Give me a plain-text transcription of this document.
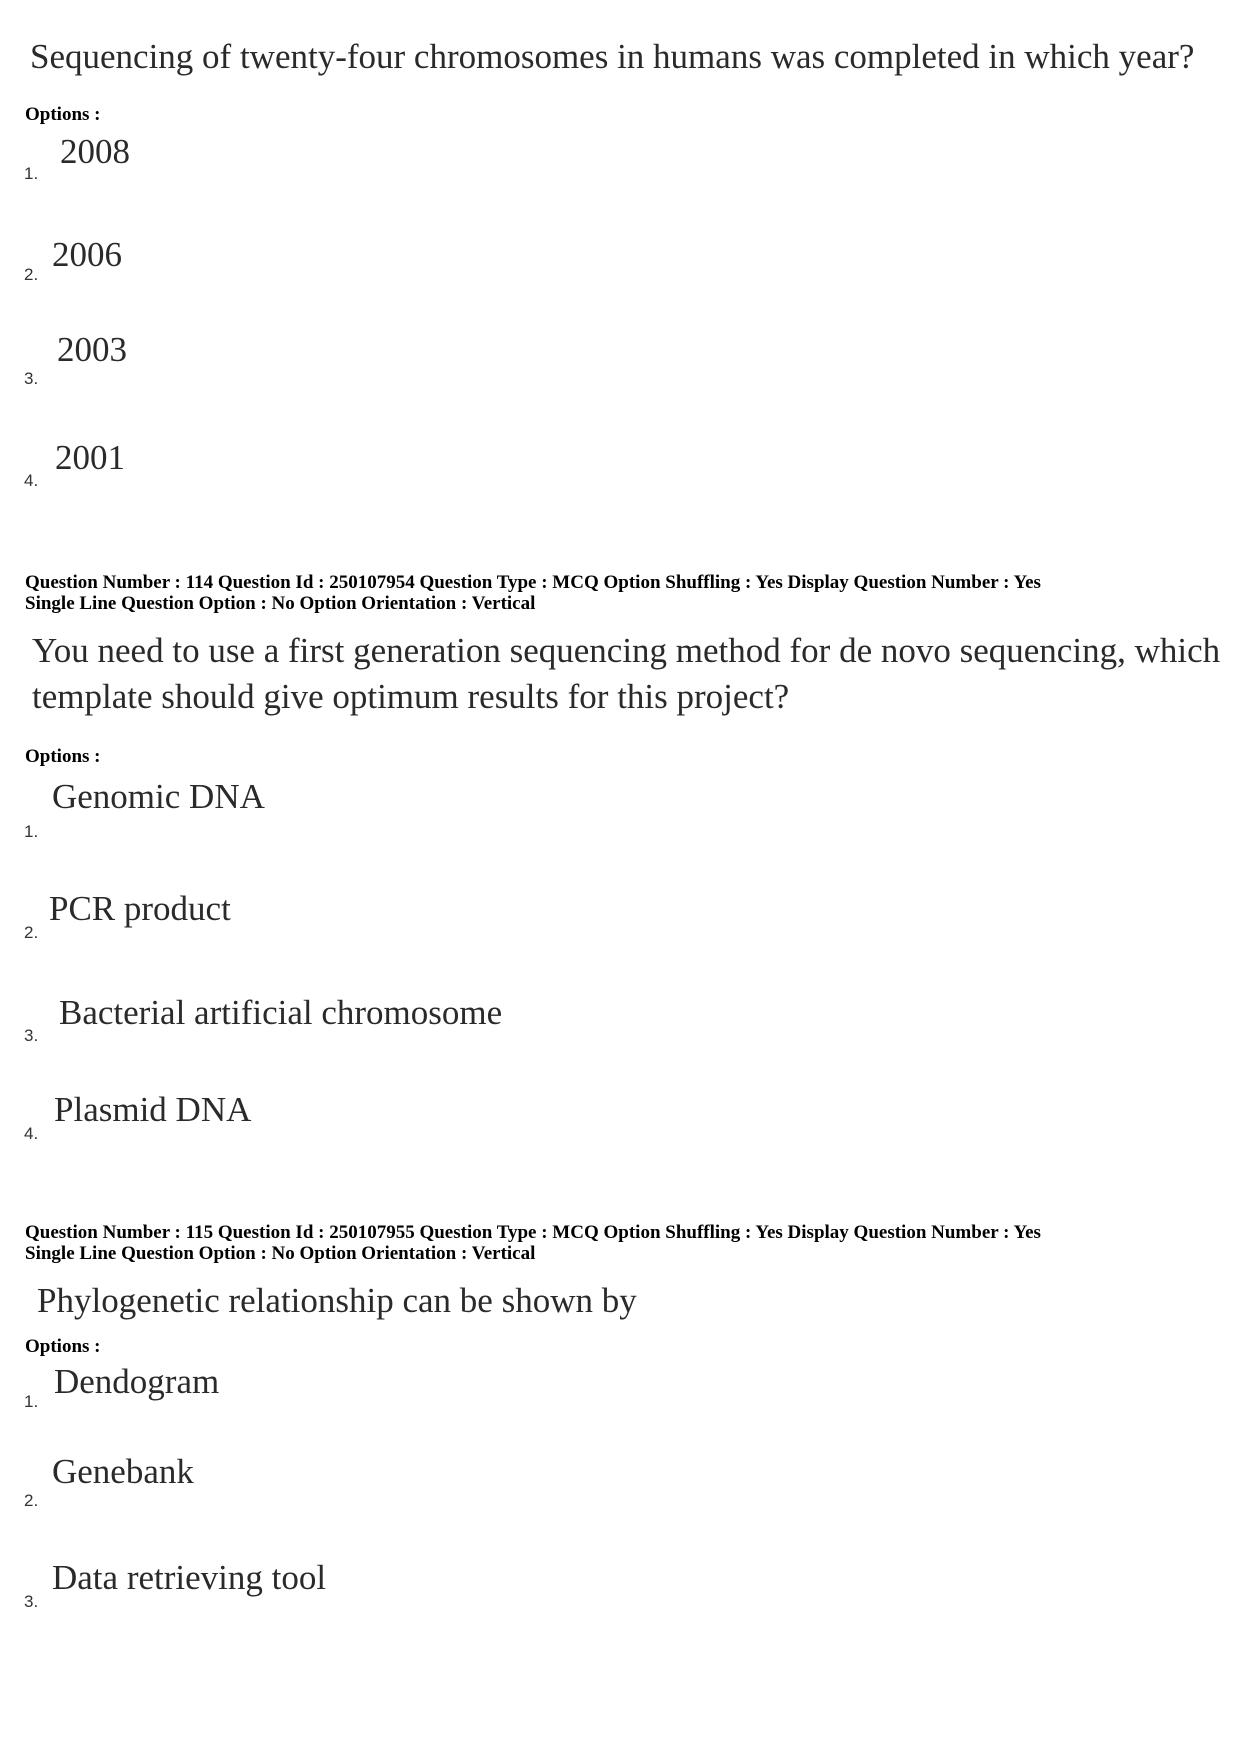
Sequencing of twenty-four chromosomes in humans was completed in which year?
Options :
1.
2008
2.
2006
3.
2003
4.
2001
Question Number : 114 Question Id : 250107954 Question Type : MCQ Option Shuffling : Yes Display Question Number : Yes
Single Line Question Option : No Option Orientation : Vertical
You need to use a first generation sequencing method for de novo sequencing, which
template should give optimum results for this project?
Options :
1.
Genomic DNA
2.
PCR product
3.
Bacterial artificial chromosome
4.
Plasmid DNA
Question Number : 115 Question Id : 250107955 Question Type : MCQ Option Shuffling : Yes Display Question Number : Yes
Single Line Question Option : No Option Orientation : Vertical
Phylogenetic relationship can be shown by
Options :
1.
Dendogram
2.
Genebank
3.
Data retrieving tool
